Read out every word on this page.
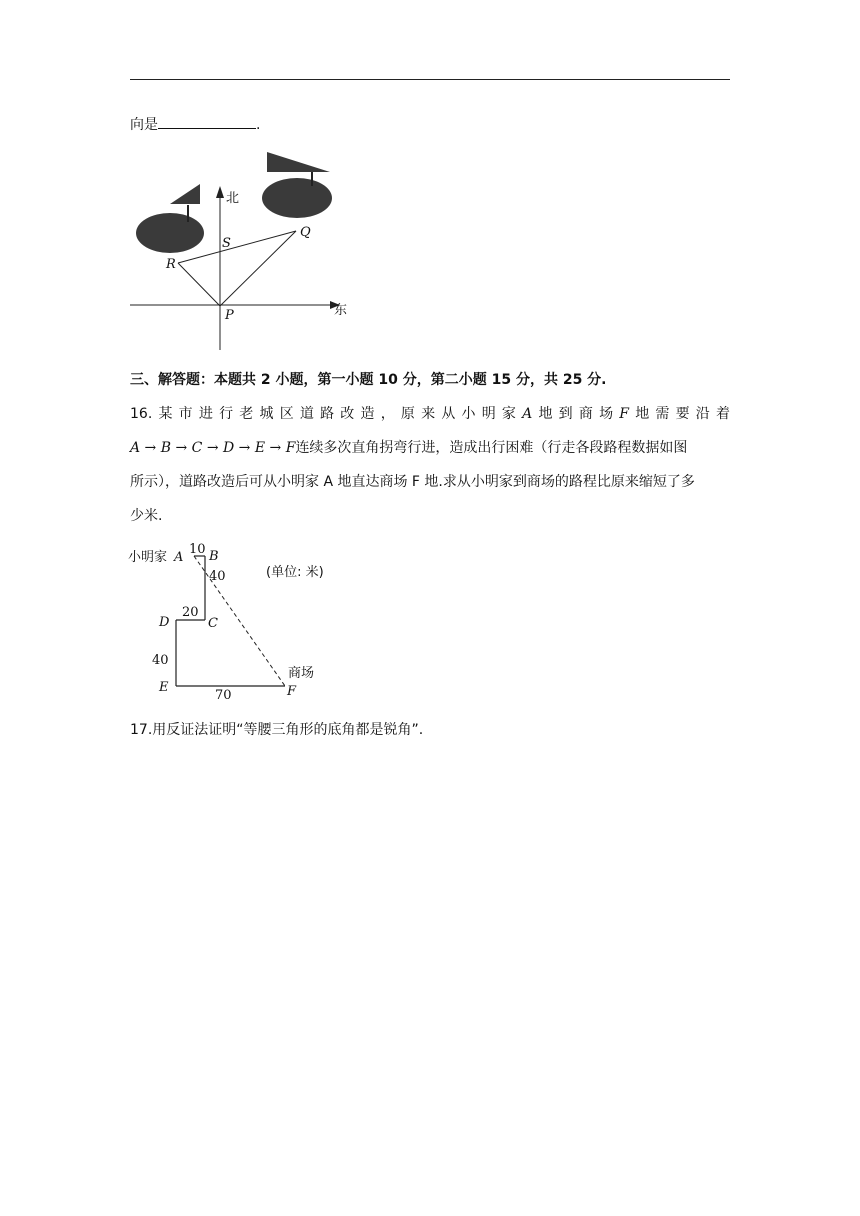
向是	.
北
东
S
Q
R
P
三、解答题：本题共 2 小题，第一小题 10 分，第二小题 15 分，共 25 分.
16. 某 市 进 行 老 城 区 道 路 改 造 ， 原 来 从 小 明 家 A 地 到 商 场 F 地 需 要 沿 着
A → B → C → D → E → F连续多次直角拐弯行进，造成出行困难（行走各段路程数据如图
所示），道路改造后可从小明家 A 地直达商场 F 地.求从小明家到商场的路程比原来缩短了多
少米.
小明家 A
10 B
40	(单位: 米)
20
D	C
40
商场
E
70	F
17.用反证法证明“等腰三角形的底角都是锐角”.
